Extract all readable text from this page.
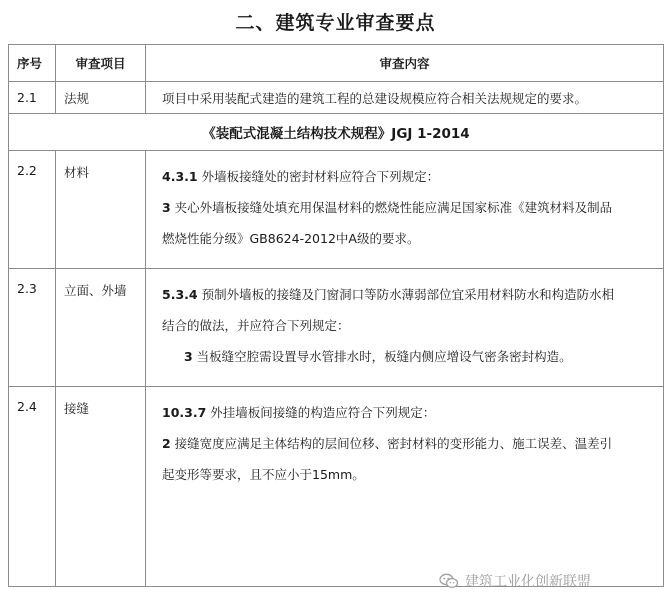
二、建筑专业审查要点
序号	审查项目	审查内容
2.1	法规	项目中采用装配式建造的建筑工程的总建设规模应符合相关法规规定的要求。
《装配式混凝土结构技术规程》JGJ 1-2014		
2.2	材料	4.3.1 外墙板接缝处的密封材料应符合下列规定：
3 夹心外墙板接缝处填充用保温材料的燃烧性能应满足国家标准《建筑材料及制品
燃烧性能分级》GB8624-2012中A级的要求。

2.3	立面、外墙	5.3.4 预制外墙板的接缝及门窗洞口等防水薄弱部位宜采用材料防水和构造防水相
结合的做法，并应符合下列规定：
3 当板缝空腔需设置导水管排水时，板缝内侧应增设气密条密封构造。

2.4	接缝	10.3.7 外挂墙板间接缝的构造应符合下列规定：
2 接缝宽度应满足主体结构的层间位移、密封材料的变形能力、施工误差、温差引
起变形等要求，且不应小于15mm。
建筑工业化创新联盟
